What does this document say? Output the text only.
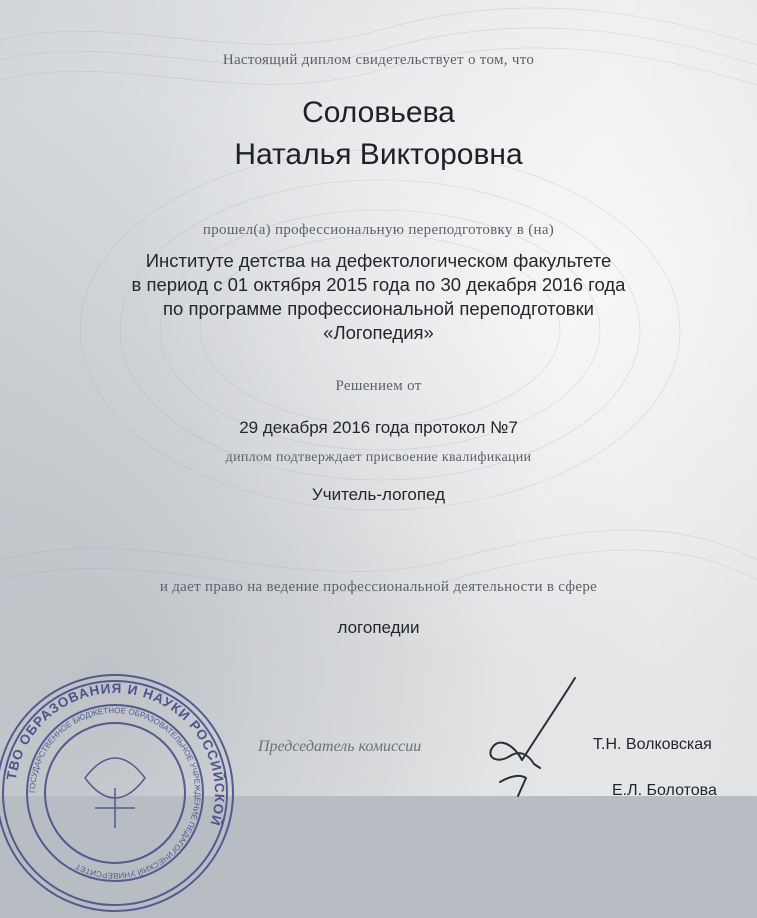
Настоящий диплом свидетельствует о том, что
Соловьева
Наталья Викторовна
прошел(а) профессиональную переподготовку в (на)
Институте детства на дефектологическом факультете
в период с 01 октября 2015 года по 30 декабря 2016 года
по программе профессиональной переподготовки
«Логопедия»
Решением от
29 декабря 2016 года протокол №7
диплом подтверждает присвоение квалификации
Учитель-логопед
и дает право на ведение профессиональной деятельности в сфере
логопедии
ТВО ОБРАЗОВАНИЯ И НАУКИ РОССИЙСКОЙ
ГОСУДАРСТВЕННОЕ БЮДЖЕТНОЕ ОБРАЗОВАТЕЛЬНОЕ УЧРЕЖДЕНИЕ ПЕДАГОГИЧЕСКИЙ УНИВЕРСИТЕТ
Председатель комиссии	Т.Н. Волковская
Е.Л. Болотова
